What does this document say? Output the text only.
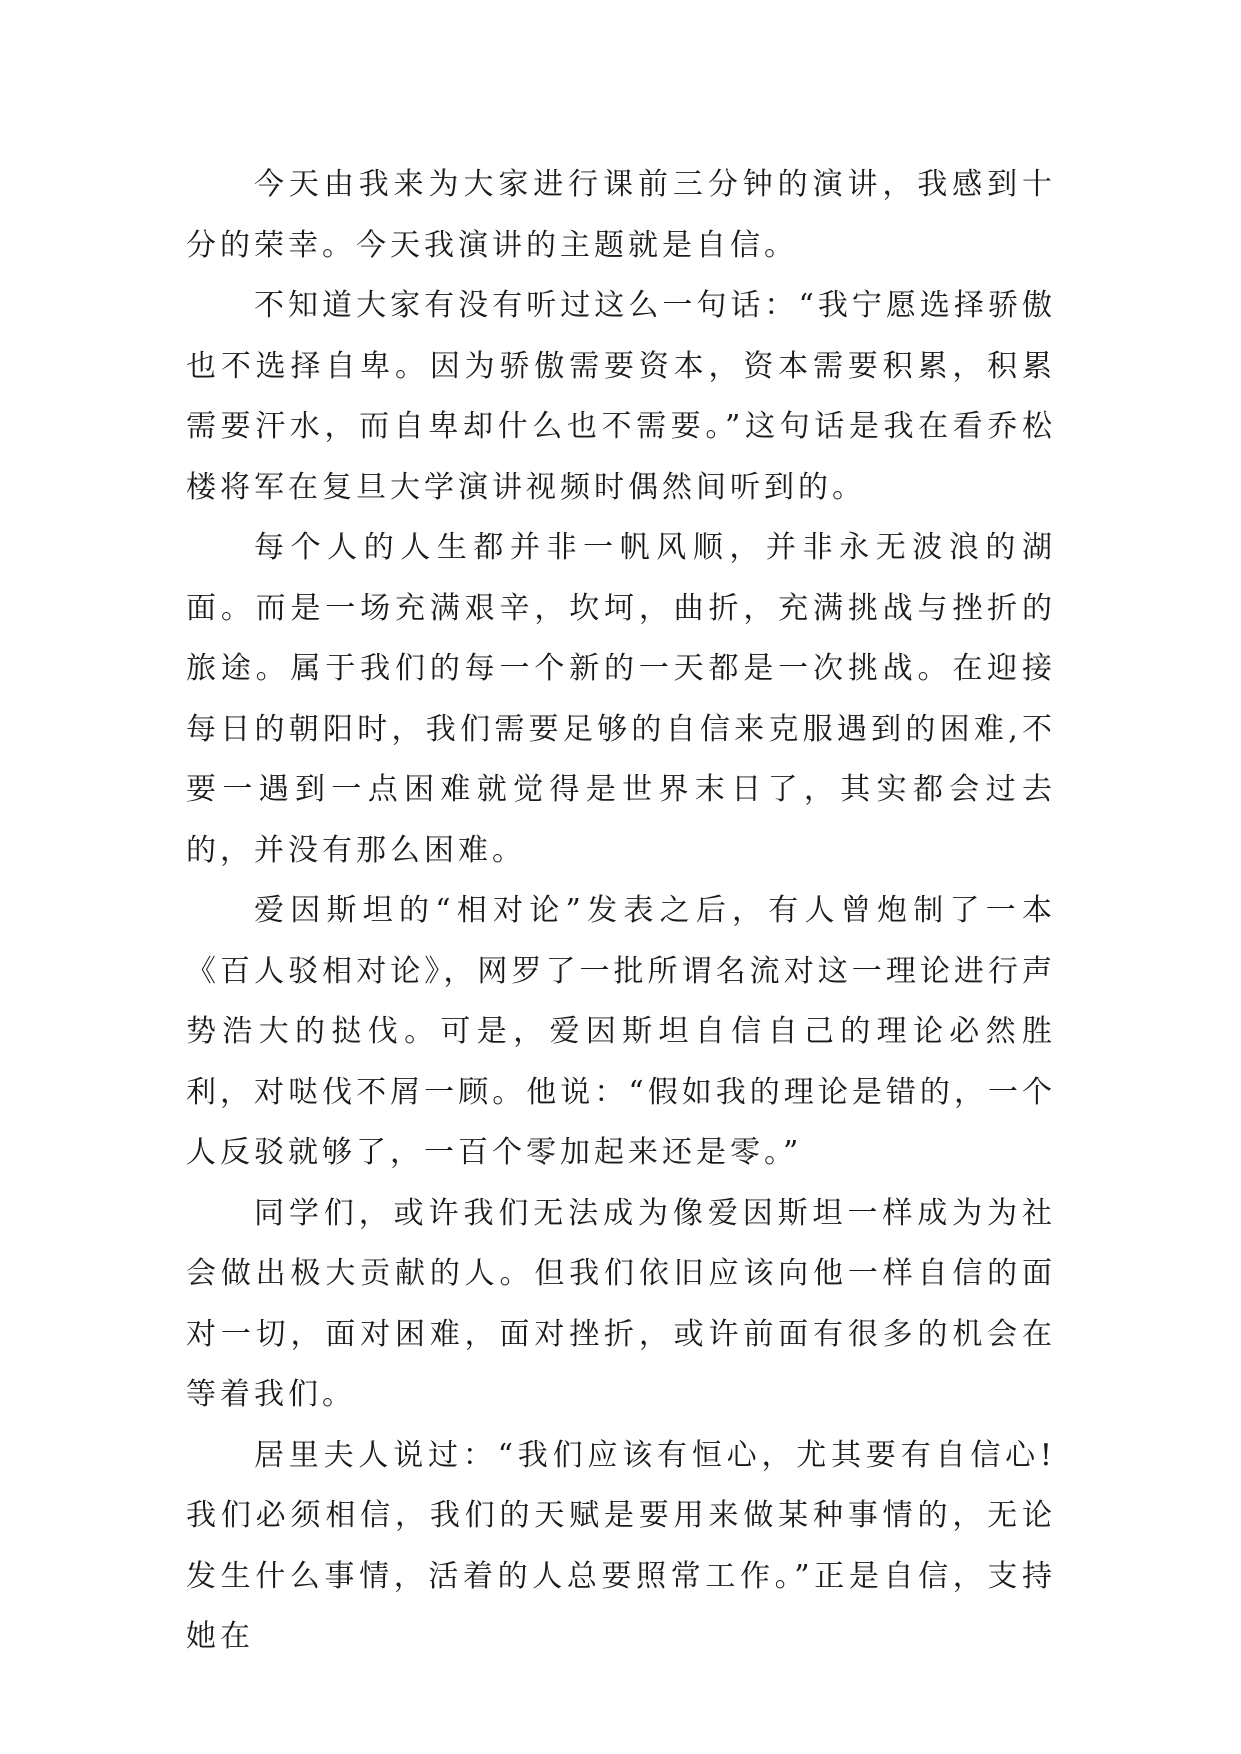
今天由我来为大家进行课前三分钟的演讲，我感到十分的荣幸。今天我演讲的主题就是自信。

不知道大家有没有听过这么一句话：“我宁愿选择骄傲也不选择自卑。因为骄傲需要资本，资本需要积累，积累需要汗水，而自卑却什么也不需要。”这句话是我在看乔松楼将军在复旦大学演讲视频时偶然间听到的。

每个人的人生都并非一帆风顺，并非永无波浪的湖面。而是一场充满艰辛，坎坷，曲折，充满挑战与挫折的旅途。属于我们的每一个新的一天都是一次挑战。在迎接每日的朝阳时，我们需要足够的自信来克服遇到的困难,不要一遇到一点困难就觉得是世界末日了，其实都会过去的，并没有那么困难。

爱因斯坦的“相对论”发表之后，有人曾炮制了一本《百人驳相对论》，网罗了一批所谓名流对这一理论进行声势浩大的挞伐。可是，爱因斯坦自信自己的理论必然胜利，对哒伐不屑一顾。他说：“假如我的理论是错的，一个人反驳就够了，一百个零加起来还是零。”

同学们，或许我们无法成为像爱因斯坦一样成为为社会做出极大贡献的人。但我们依旧应该向他一样自信的面对一切，面对困难，面对挫折，或许前面有很多的机会在等着我们。

居里夫人说过：“我们应该有恒心，尤其要有自信心!我们必须相信，我们的天赋是要用来做某种事情的，无论发生什么事情，活着的人总要照常工作。”正是自信，支持她在
